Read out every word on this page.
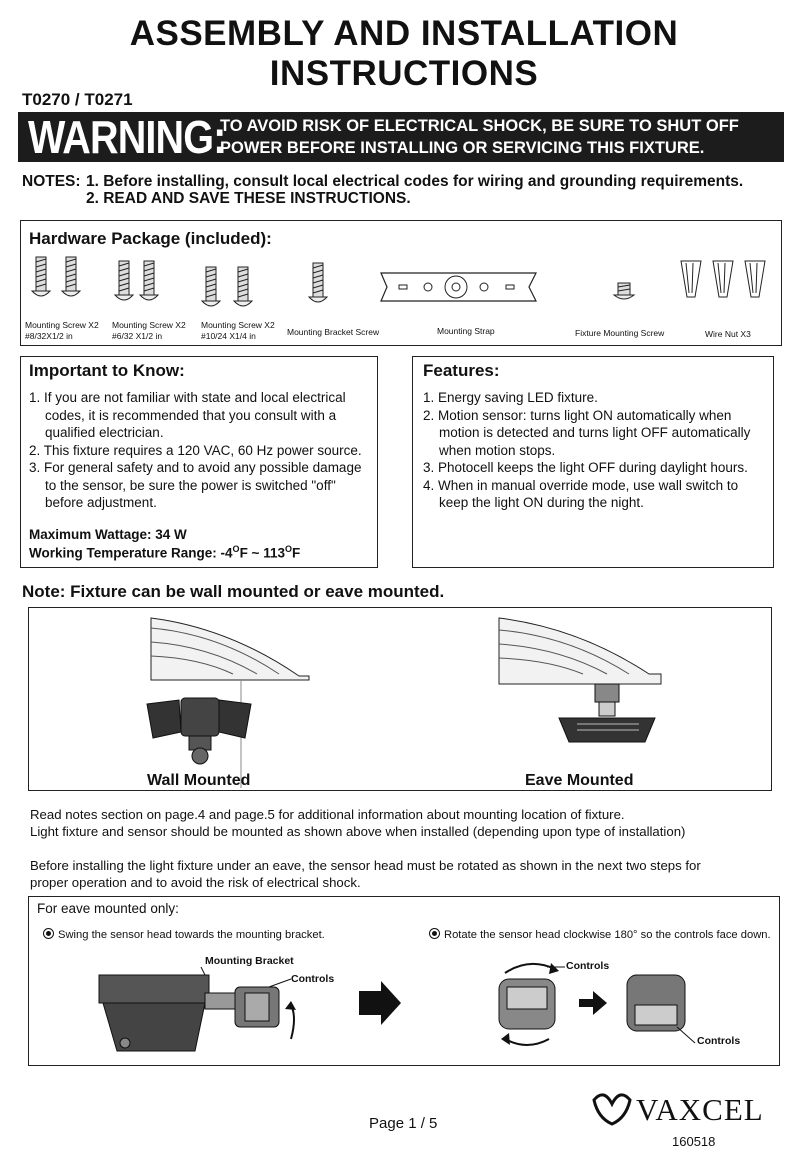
ASSEMBLY AND INSTALLATION
INSTRUCTIONS
T0270 / T0271
WARNING:
TO AVOID RISK OF ELECTRICAL SHOCK, BE SURE TO SHUT OFF
POWER BEFORE INSTALLING OR SERVICING THIS FIXTURE.
NOTES: 1. Before installing, consult local electrical codes for wiring and grounding requirements.
2. READ AND SAVE THESE INSTRUCTIONS.
Hardware Package (included):
Mounting Screw X2
#8/32X1/2 in
Mounting Screw X2
#6/32 X1/2 in
Mounting Screw X2
#10/24 X1/4 in	Mounting Bracket Screw	Mounting Strap	Fixture Mounting Screw	Wire Nut X3
Important to Know:
1. If you are not familiar with state and local electrical codes, it is recommended that you consult with a qualified electrician.
2. This fixture requires a 120 VAC, 60 Hz power source.
3. For general safety and to avoid any possible damage to the sensor, be sure the power is switched "off" before adjustment.
Maximum Wattage: 34 W
Working Temperature Range: $-4^OF$ ~ $113^OF$
Features:
1. Energy saving LED fixture.
2. Motion sensor: turns light ON automatically when motion is detected and turns light OFF automatically when motion stops.
3. Photocell keeps the light OFF during daylight hours.
4. When in manual override mode, use wall switch to keep the light ON during the night.
Note: Fixture can be wall mounted or eave mounted.
Wall Mounted	Eave Mounted
Read notes section on page.4 and page.5 for additional information about mounting location of fixture.
Light fixture and sensor should be mounted as shown above when installed (depending upon type of installation)
Before installing the light fixture under an eave, the sensor head must be rotated as shown in the next two steps for
proper operation and to avoid the risk of electrical shock.
For eave mounted only:
Swing the sensor head towards the mounting bracket.	Rotate the sensor head clockwise 180° so the controls face down.
Mounting Bracket
Controls
Controls
Controls
Page 1 / 5	VAXCEL
160518
